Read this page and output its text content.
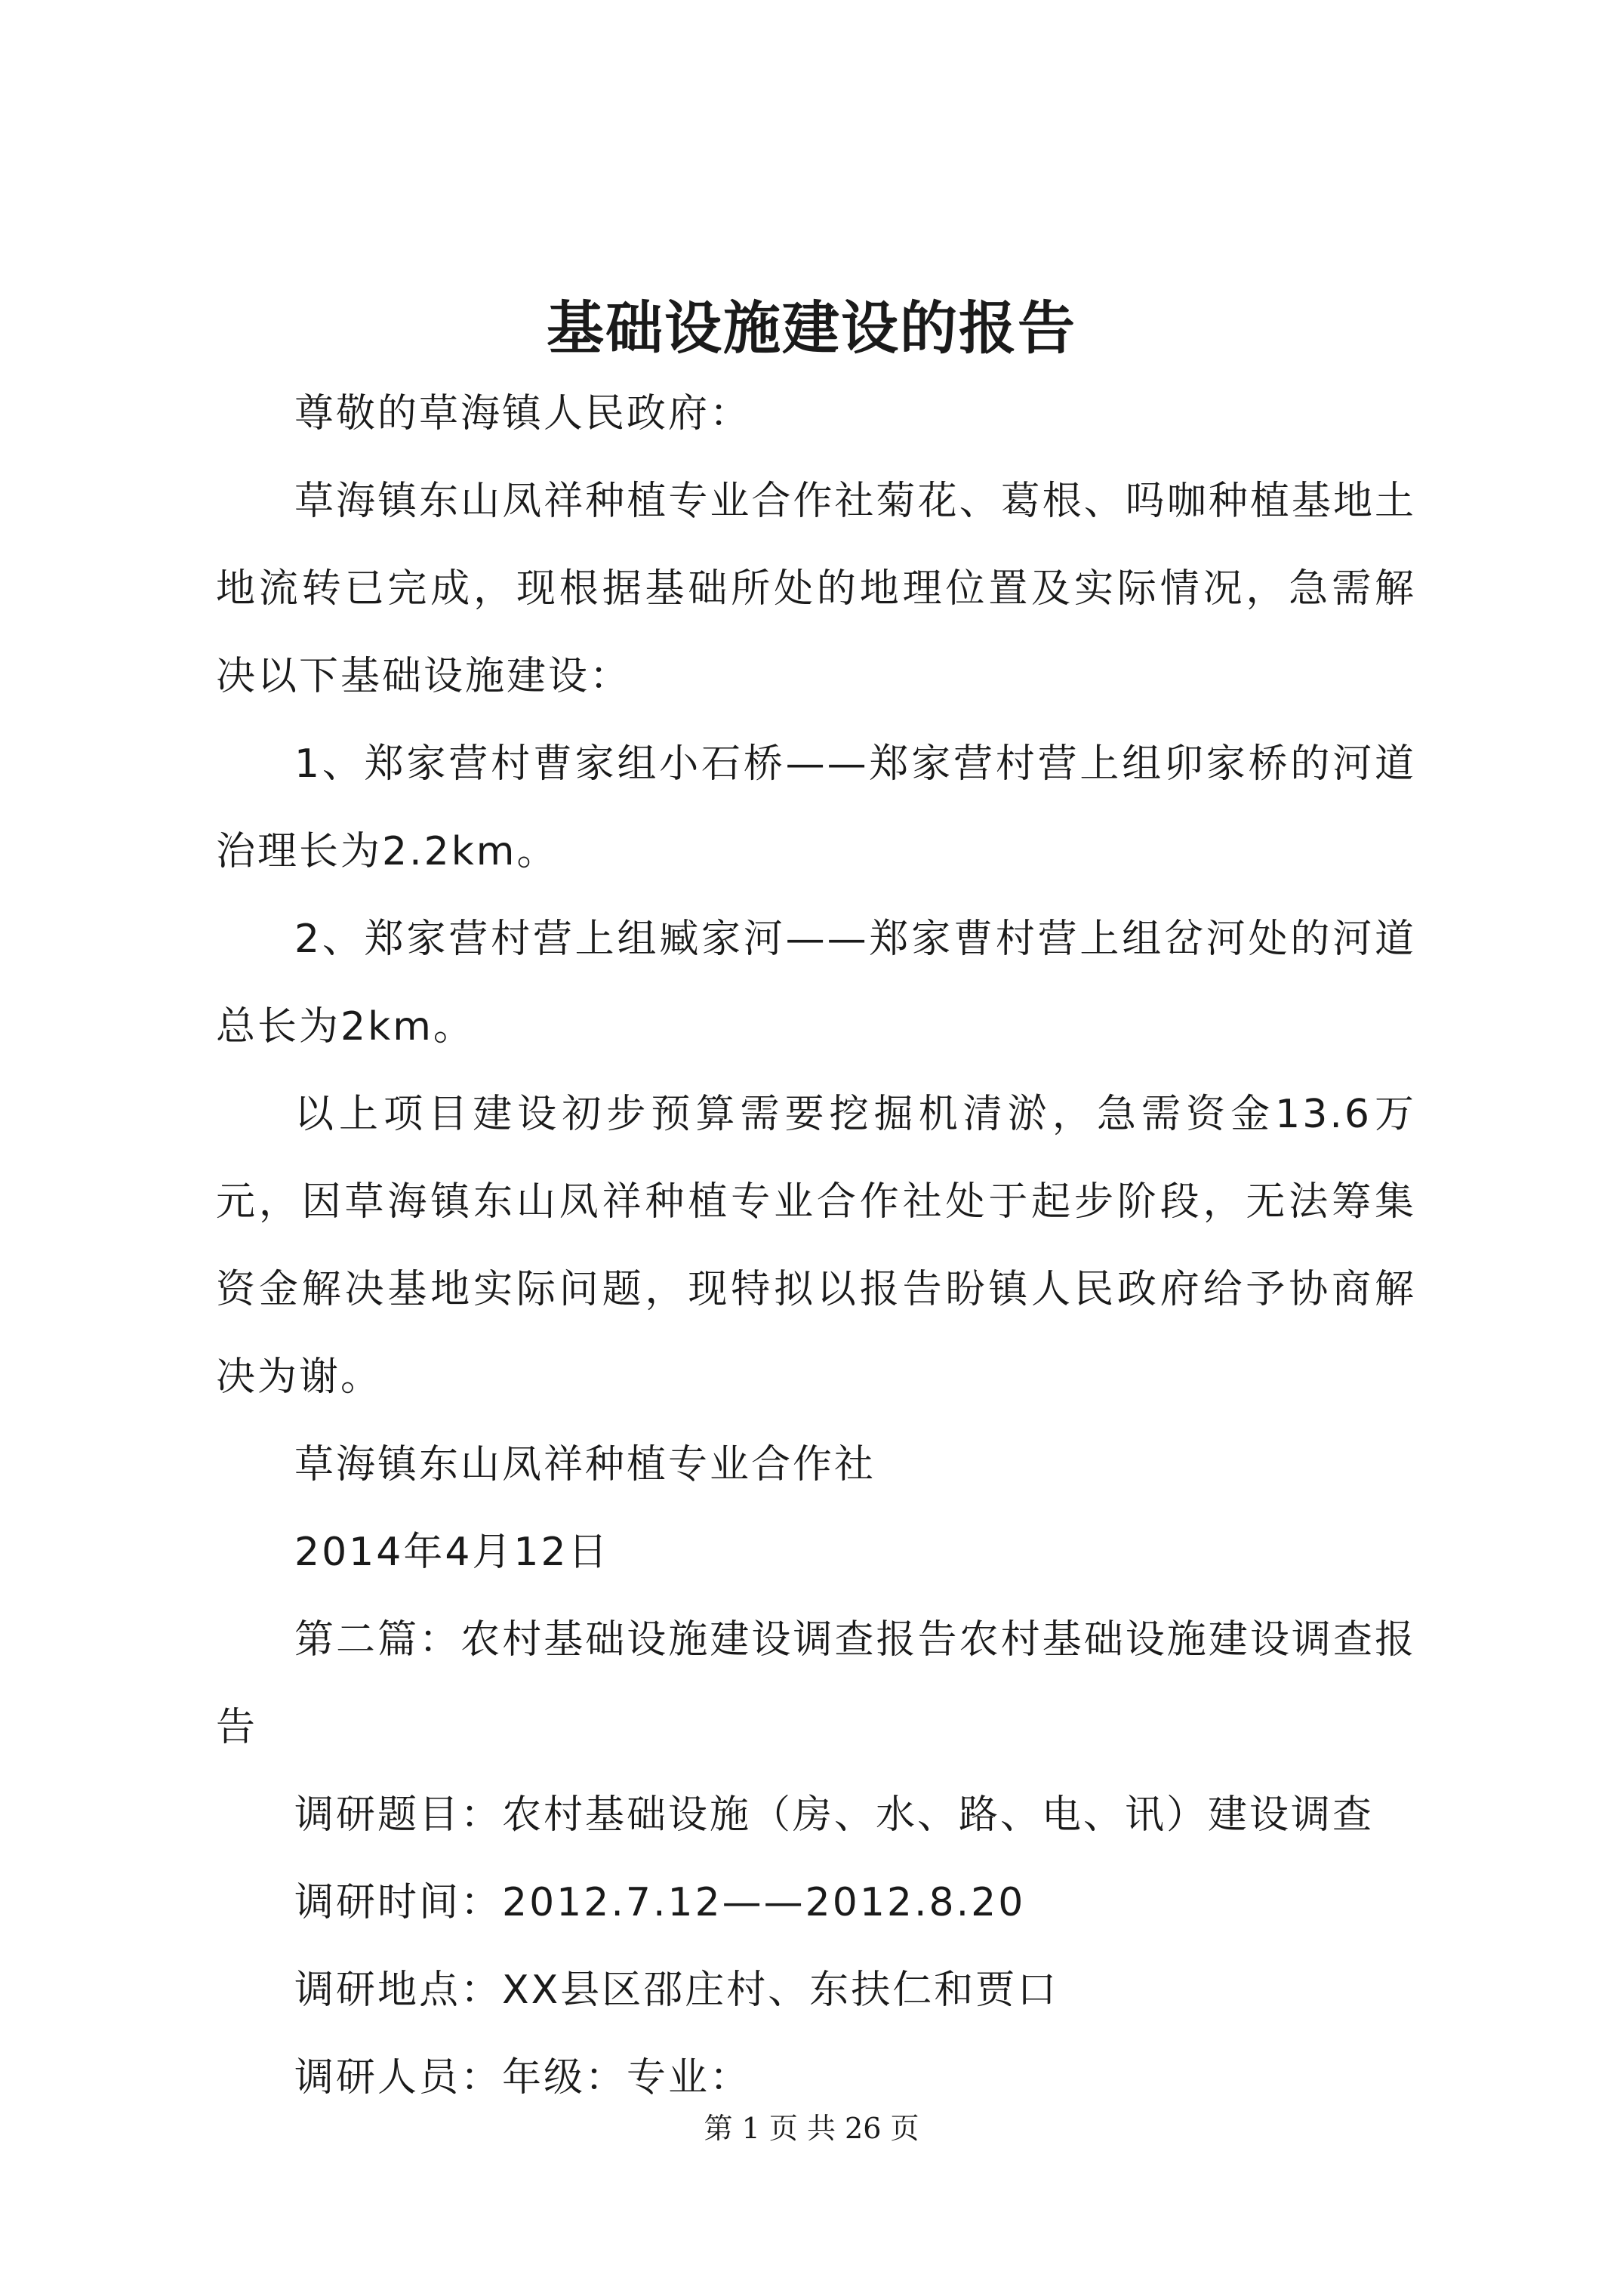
基础设施建设的报告

尊敬的草海镇人民政府：

草海镇东山凤祥种植专业合作社菊花、葛根、吗咖种植基地土地流转已完成，现根据基础所处的地理位置及实际情况，急需解决以下基础设施建设：

1、郑家营村曹家组小石桥——郑家营村营上组卯家桥的河道治理长为2.2km。

2、郑家营村营上组臧家河——郑家曹村营上组岔河处的河道总长为2km。

以上项目建设初步预算需要挖掘机清淤，急需资金13.6万元，因草海镇东山凤祥种植专业合作社处于起步阶段，无法筹集资金解决基地实际问题，现特拟以报告盼镇人民政府给予协商解决为谢。

草海镇东山凤祥种植专业合作社

2014年4月12日

第二篇：农村基础设施建设调查报告农村基础设施建设调查报告

调研题目：农村基础设施（房、水、路、电、讯）建设调查

调研时间：2012.7.12——2012.8.20

调研地点：XX县区邵庄村、东扶仁和贾口

调研人员：年级：专业：

第 1 页 共 26 页
